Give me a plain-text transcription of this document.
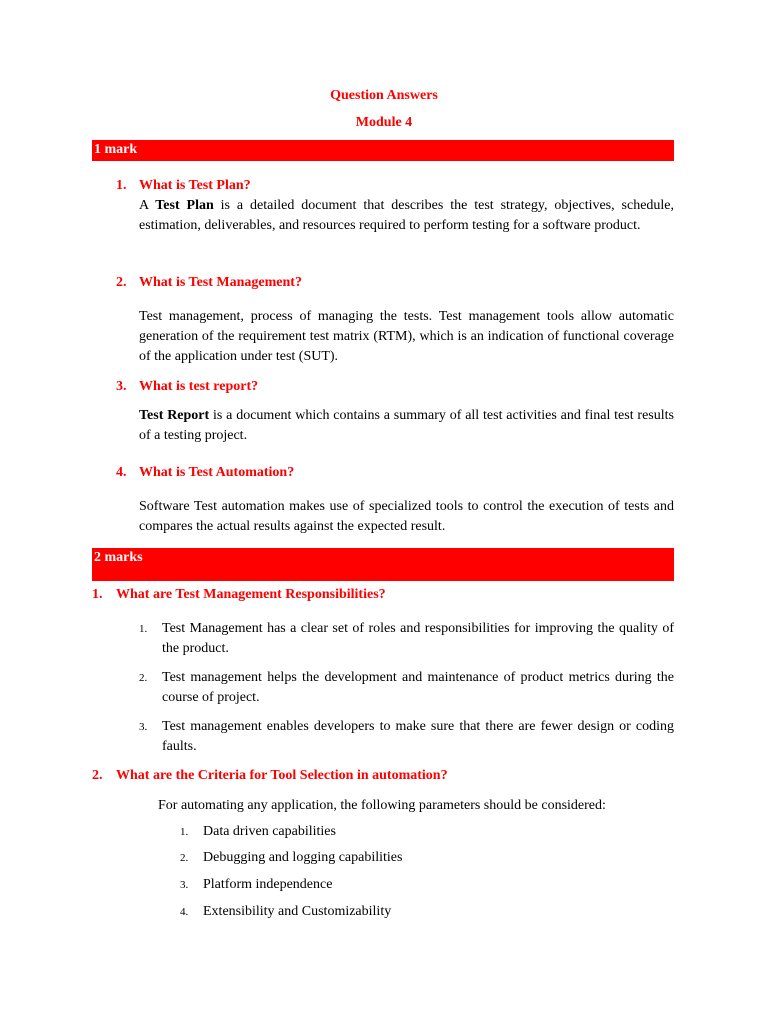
Question Answers
Module 4
1 mark
1. What is Test Plan?
A Test Plan is a detailed document that describes the test strategy, objectives, schedule, estimation, deliverables, and resources required to perform testing for a software product.
2. What is Test Management?
Test management, process of managing the tests. Test management tools allow automatic generation of the requirement test matrix (RTM), which is an indication of functional coverage of the application under test (SUT).
3. What is test report?
Test Report is a document which contains a summary of all test activities and final test results of a testing project.
4. What is Test Automation?
Software Test automation makes use of specialized tools to control the execution of tests and compares the actual results against the expected result.
2 marks
1. What are Test Management Responsibilities?
1. Test Management has a clear set of roles and responsibilities for improving the quality of the product.
2. Test management helps the development and maintenance of product metrics during the course of project.
3. Test management enables developers to make sure that there are fewer design or coding faults.
2. What are the Criteria for Tool Selection in automation?
For automating any application, the following parameters should be considered:
1. Data driven capabilities
2. Debugging and logging capabilities
3. Platform independence
4. Extensibility and Customizability
